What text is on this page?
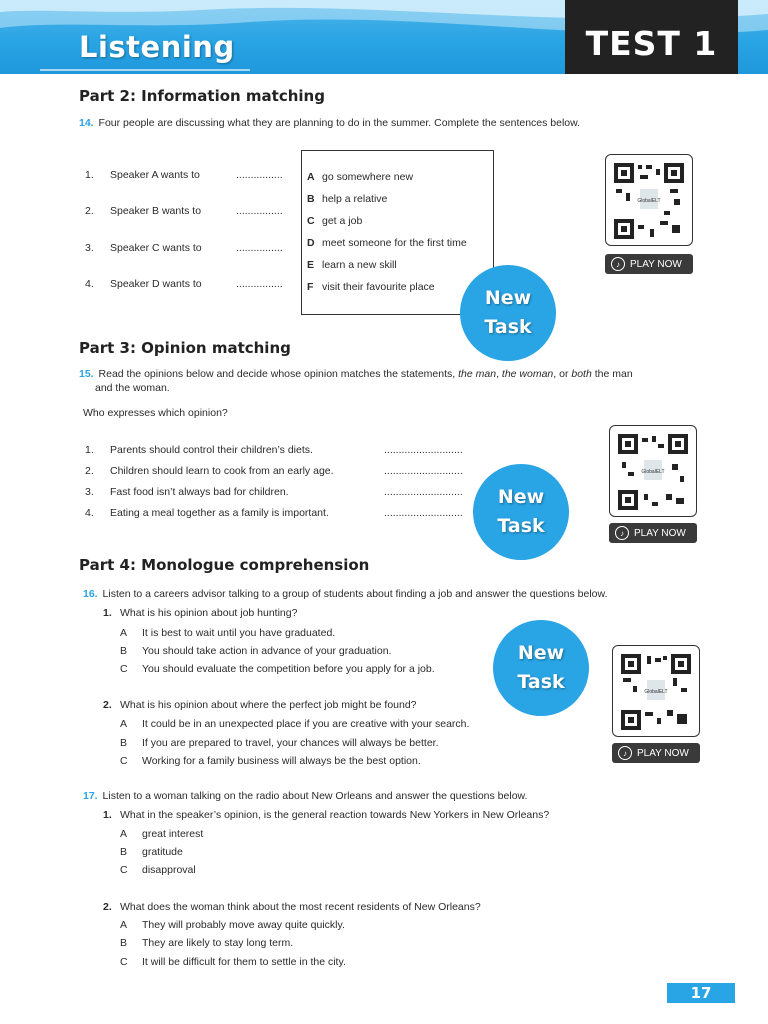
Listening	TEST 1
Part 2: Information matching
14. Four people are discussing what they are planning to do in the summer. Complete the sentences below.
1. Speaker A wants to	................
2. Speaker B wants to	................
3. Speaker C wants to	................
4. Speaker D wants to	................
A go somewhere new
B help a relative
C get a job
D meet someone for the first time
E learn a new skill
F visit their favourite place
GlobalELT
♪	PLAY NOW
New
Task
Part 3: Opinion matching
15. Read the opinions below and decide whose opinion matches the statements, the man, the woman, or both the man
and the woman.
Who expresses which opinion?
1. Parents should control their children’s diets.	...........................
2. Children should learn to cook from an early age.	...........................
3. Fast food isn’t always bad for children.	...........................
4. Eating a meal together as a family is important.	...........................
GlobalELT
♪	PLAY NOW
New
Task
Part 4: Monologue comprehension
16. Listen to a careers advisor talking to a group of students about finding a job and answer the questions below.
1. What is his opinion about job hunting?
A It is best to wait until you have graduated.
B You should take action in advance of your graduation.
C You should evaluate the competition before you apply for a job.
2. What is his opinion about where the perfect job might be found?
A It could be in an unexpected place if you are creative with your search.
B If you are prepared to travel, your chances will always be better.
C Working for a family business will always be the best option.
GlobalELT
♪	PLAY NOW
New
Task
17. Listen to a woman talking on the radio about New Orleans and answer the questions below.
1. What in the speaker’s opinion, is the general reaction towards New Yorkers in New Orleans?
A great interest
B gratitude
C disapproval
2. What does the woman think about the most recent residents of New Orleans?
A They will probably move away quite quickly.
B They are likely to stay long term.
C It will be difficult for them to settle in the city.
17
